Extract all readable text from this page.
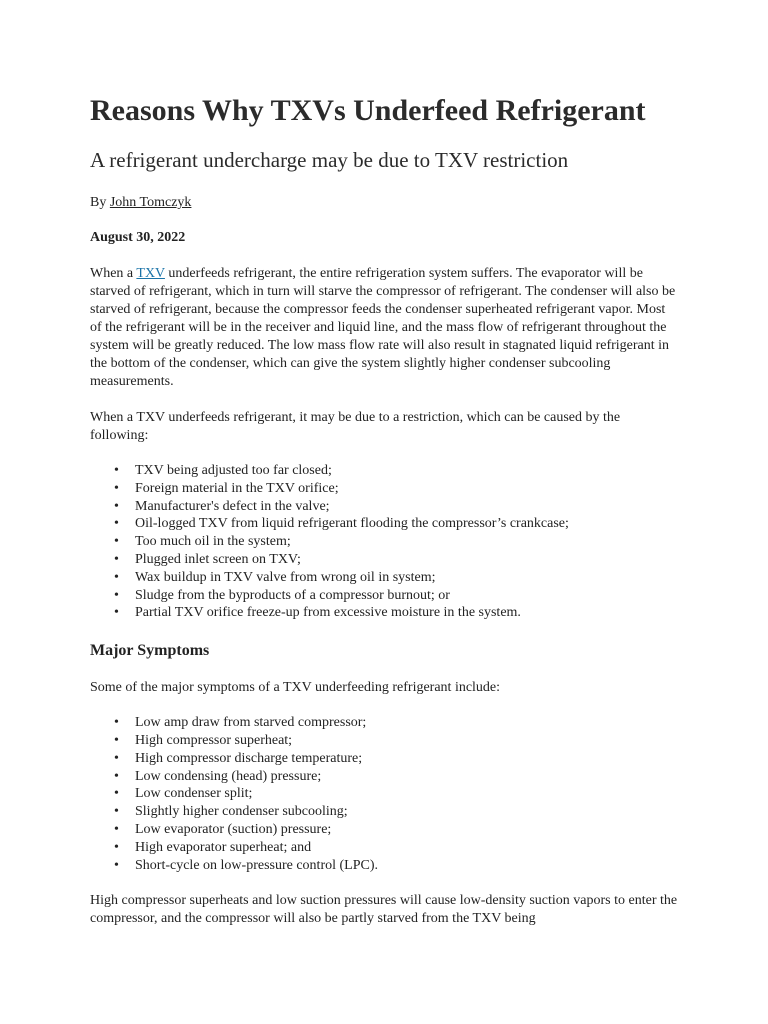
Reasons Why TXVs Underfeed Refrigerant
A refrigerant undercharge may be due to TXV restriction

By John Tomczyk

August 30, 2022

When a TXV underfeeds refrigerant, the entire refrigeration system suffers. The evaporator will be starved of refrigerant, which in turn will starve the compressor of refrigerant. The condenser will also be starved of refrigerant, because the compressor feeds the condenser superheated refrigerant vapor. Most of the refrigerant will be in the receiver and liquid line, and the mass flow of refrigerant throughout the system will be greatly reduced. The low mass flow rate will also result in stagnated liquid refrigerant in the bottom of the condenser, which can give the system slightly higher condenser subcooling measurements.

When a TXV underfeeds refrigerant, it may be due to a restriction, which can be caused by the following:

• TXV being adjusted too far closed;
• Foreign material in the TXV orifice;
• Manufacturer's defect in the valve;
• Oil-logged TXV from liquid refrigerant flooding the compressor’s crankcase;
• Too much oil in the system;
• Plugged inlet screen on TXV;
• Wax buildup in TXV valve from wrong oil in system;
• Sludge from the byproducts of a compressor burnout; or
• Partial TXV orifice freeze-up from excessive moisture in the system.
Major Symptoms

Some of the major symptoms of a TXV underfeeding refrigerant include:

• Low amp draw from starved compressor;
• High compressor superheat;
• High compressor discharge temperature;
• Low condensing (head) pressure;
• Low condenser split;
• Slightly higher condenser subcooling;
• Low evaporator (suction) pressure;
• High evaporator superheat; and
• Short-cycle on low-pressure control (LPC).

High compressor superheats and low suction pressures will cause low-density suction vapors to enter the compressor, and the compressor will also be partly starved from the TXV being
